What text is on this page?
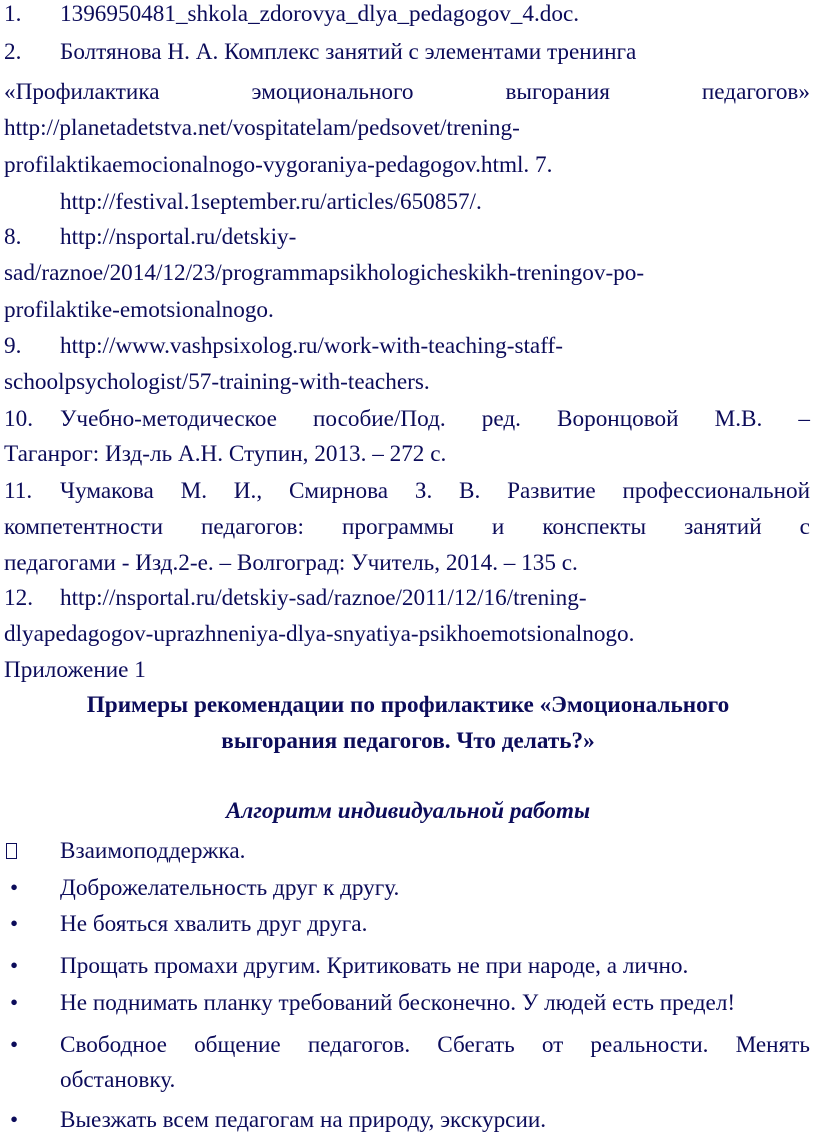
1. 1396950481_shkola_zdorovya_dlya_pedagogov_4.doc.
2. Болтянова Н. А. Комплекс занятий с элементами тренинга
«Профилактика	эмоционального	выгорания	педагогов»
http://planetadetstva.net/vospitatelam/pedsovet/trening-
profilaktikaemocionalnogo-vygoraniya-pedagogov.html. 7.
http://festival.1september.ru/articles/650857/.
8. http://nsportal.ru/detskiy-
sad/raznoe/2014/12/23/programmapsikhologicheskikh-treningov-po-
profilaktike-emotsionalnogo.
9. http://www.vashpsixolog.ru/work-with-teaching-staff-
schoolpsychologist/57-training-with-teachers.
10. Учебно-методическое пособие/Под. ред. Воронцовой М.В. –
Таганрог: Изд-ль А.Н. Ступин, 2013. – 272 с.
11. Чумакова М. И., Смирнова З. В. Развитие профессиональной
компетентности педагогов: программы и конспекты занятий с
педагогами - Изд.2-е. – Волгоград: Учитель, 2014. – 135 с.
12. http://nsportal.ru/detskiy-sad/raznoe/2011/12/16/trening-
dlyapedagogov-uprazhneniya-dlya-snyatiya-psikhoemotsionalnogo.
Приложение 1
Примеры рекомендации по профилактике «Эмоционального
выгорания педагогов. Что делать?»
Алгоритм индивидуальной работы
Взаимоподдержка.
• Доброжелательность друг к другу.
• Не бояться хвалить друг друга.
• Прощать промахи другим. Критиковать не при народе, а лично.
• Не поднимать планку требований бесконечно. У людей есть предел!
• Свободное общение педагогов. Сбегать от реальности. Менять
обстановку.
• Выезжать всем педагогам на природу, экскурсии.
